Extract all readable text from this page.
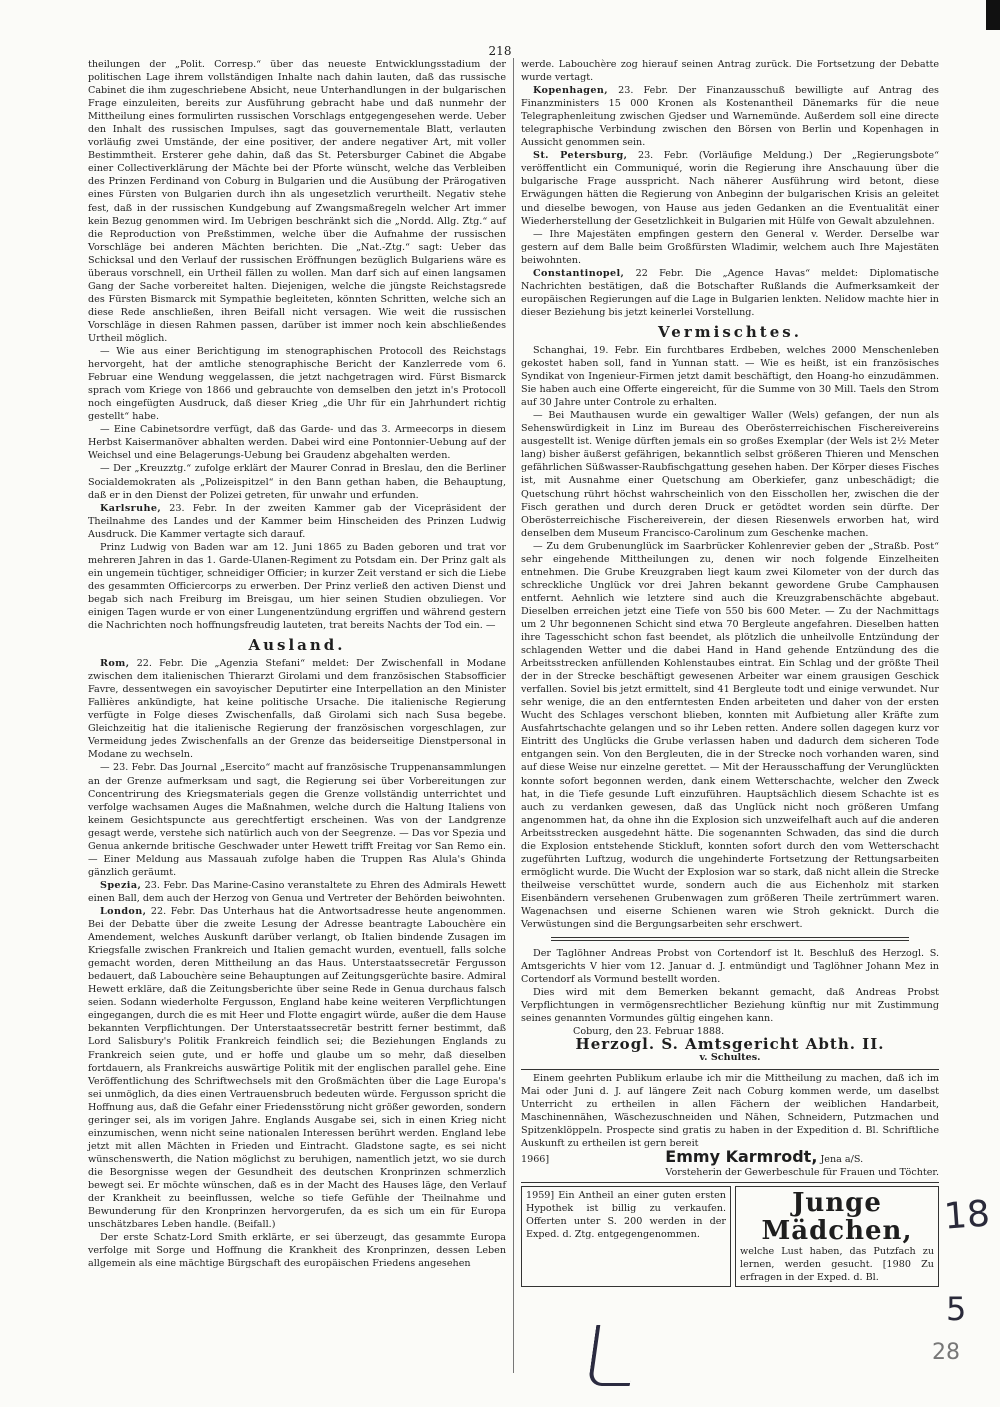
218

theilungen der „Polit. Corresp.“ über das neueste Entwicklungsstadium der politischen Lage ihrem vollständigen Inhalte nach dahin lauten, daß das russische Cabinet die ihm zugeschriebene Absicht, neue Unterhandlungen in der bulgarischen Frage einzuleiten, bereits zur Ausführung gebracht habe und daß nunmehr der Mittheilung eines formulirten russischen Vorschlags entgegengesehen werde. Ueber den Inhalt des russischen Impulses, sagt das gouvernementale Blatt, verlauten vorläufig zwei Umstände, der eine positiver, der andere negativer Art, mit voller Bestimmtheit. Ersterer gehe dahin, daß das St. Petersburger Cabinet die Abgabe einer Collectiverklärung der Mächte bei der Pforte wünscht, welche das Verbleiben des Prinzen Ferdinand von Coburg in Bulgarien und die Ausübung der Prärogativen eines Fürsten von Bulgarien durch ihn als ungesetzlich verurtheilt. Negativ stehe fest, daß in der russischen Kundgebung auf Zwangsmaßregeln welcher Art immer kein Bezug genommen wird. Im Uebrigen beschränkt sich die „Nordd. Allg. Ztg.“ auf die Reproduction von Preßstimmen, welche über die Aufnahme der russischen Vorschläge bei anderen Mächten berichten. Die „Nat.-Ztg.“ sagt: Ueber das Schicksal und den Verlauf der russischen Eröffnungen bezüglich Bulgariens wäre es überaus vorschnell, ein Urtheil fällen zu wollen. Man darf sich auf einen langsamen Gang der Sache vorbereitet halten. Diejenigen, welche die jüngste Reichstagsrede des Fürsten Bismarck mit Sympathie begleiteten, könnten Schritten, welche sich an diese Rede anschließen, ihren Beifall nicht versagen. Wie weit die russischen Vorschläge in diesen Rahmen passen, darüber ist immer noch kein abschließendes Urtheil möglich.

— Wie aus einer Berichtigung im stenographischen Protocoll des Reichstags hervorgeht, hat der amtliche stenographische Bericht der Kanzlerrede vom 6. Februar eine Wendung weggelassen, die jetzt nachgetragen wird. Fürst Bismarck sprach vom Kriege von 1866 und gebrauchte von demselben den jetzt in's Protocoll noch eingefügten Ausdruck, daß dieser Krieg „die Uhr für ein Jahrhundert richtig gestellt“ habe.

— Eine Cabinetsordre verfügt, daß das Garde- und das 3. Armeecorps in diesem Herbst Kaisermanöver abhalten werden. Dabei wird eine Pontonnier-Uebung auf der Weichsel und eine Belagerungs-Uebung bei Graudenz abgehalten werden.

— Der „Kreuzztg.“ zufolge erklärt der Maurer Conrad in Breslau, den die Berliner Socialdemokraten als „Polizeispitzel“ in den Bann gethan haben, die Behauptung, daß er in den Dienst der Polizei getreten, für unwahr und erfunden.

Karlsruhe, 23. Febr. In der zweiten Kammer gab der Vicepräsident der Theilnahme des Landes und der Kammer beim Hinscheiden des Prinzen Ludwig Ausdruck. Die Kammer vertagte sich darauf.

Prinz Ludwig von Baden war am 12. Juni 1865 zu Baden geboren und trat vor mehreren Jahren in das 1. Garde-Ulanen-Regiment zu Potsdam ein. Der Prinz galt als ein ungemein tüchtiger, schneidiger Officier; in kurzer Zeit verstand er sich die Liebe des gesammten Officiercorps zu erwerben. Der Prinz verließ den activen Dienst und begab sich nach Freiburg im Breisgau, um hier seinen Studien obzuliegen. Vor einigen Tagen wurde er von einer Lungenentzündung ergriffen und während gestern die Nachrichten noch hoffnungsfreudig lauteten, trat bereits Nachts der Tod ein. —

Ausland.

Rom, 22. Febr. Die „Agenzia Stefani“ meldet: Der Zwischenfall in Modane zwischen dem italienischen Thierarzt Girolami und dem französischen Stabsofficier Favre, dessentwegen ein savoyischer Deputirter eine Interpellation an den Minister Fallières ankündigte, hat keine politische Ursache. Die italienische Regierung verfügte in Folge dieses Zwischenfalls, daß Girolami sich nach Susa begebe. Gleichzeitig hat die italienische Regierung der französischen vorgeschlagen, zur Vermeidung jedes Zwischenfalls an der Grenze das beiderseitige Dienstpersonal in Modane zu wechseln.

— 23. Febr. Das Journal „Esercito“ macht auf französische Truppenansammlungen an der Grenze aufmerksam und sagt, die Regierung sei über Vorbereitungen zur Concentrirung des Kriegsmaterials gegen die Grenze vollständig unterrichtet und verfolge wachsamen Auges die Maßnahmen, welche durch die Haltung Italiens von keinem Gesichtspuncte aus gerechtfertigt erscheinen. Was von der Landgrenze gesagt werde, verstehe sich natürlich auch von der Seegrenze. — Das vor Spezia und Genua ankernde britische Geschwader unter Hewett trifft Freitag vor San Remo ein. — Einer Meldung aus Massauah zufolge haben die Truppen Ras Alula's Ghinda gänzlich geräumt.

Spezia, 23. Febr. Das Marine-Casino veranstaltete zu Ehren des Admirals Hewett einen Ball, dem auch der Herzog von Genua und Vertreter der Behörden beiwohnten.

London, 22. Febr. Das Unterhaus hat die Antwortsadresse heute angenommen. Bei der Debatte über die zweite Lesung der Adresse beantragte Labouchère ein Amendement, welches Auskunft darüber verlangt, ob Italien bindende Zusagen im Kriegsfalle zwischen Frankreich und Italien gemacht wurden, eventuell, falls solche gemacht worden, deren Mittheilung an das Haus. Unterstaatssecretär Fergusson bedauert, daß Labouchère seine Behauptungen auf Zeitungsgerüchte basire. Admiral Hewett erkläre, daß die Zeitungsberichte über seine Rede in Genua durchaus falsch seien. Sodann wiederholte Fergusson, England habe keine weiteren Verpflichtungen eingegangen, durch die es mit Heer und Flotte engagirt würde, außer die dem Hause bekannten Verpflichtungen. Der Unterstaatssecretär bestritt ferner bestimmt, daß Lord Salisbury's Politik Frankreich feindlich sei; die Beziehungen Englands zu Frankreich seien gute, und er hoffe und glaube um so mehr, daß dieselben fortdauern, als Frankreichs auswärtige Politik mit der englischen parallel gehe. Eine Veröffentlichung des Schriftwechsels mit den Großmächten über die Lage Europa's sei unmöglich, da dies einen Vertrauensbruch bedeuten würde. Fergusson spricht die Hoffnung aus, daß die Gefahr einer Friedensstörung nicht größer geworden, sondern geringer sei, als im vorigen Jahre. Englands Ausgabe sei, sich in einen Krieg nicht einzumischen, wenn nicht seine nationalen Interessen berührt werden. England lebe jetzt mit allen Mächten in Frieden und Eintracht. Gladstone sagte, es sei nicht wünschenswerth, die Nation möglichst zu beruhigen, namentlich jetzt, wo sie durch die Besorgnisse wegen der Gesundheit des deutschen Kronprinzen schmerzlich bewegt sei. Er möchte wünschen, daß es in der Macht des Hauses läge, den Verlauf der Krankheit zu beeinflussen, welche so tiefe Gefühle der Theilnahme und Bewunderung für den Kronprinzen hervorgerufen, da es sich um ein für Europa unschätzbares Leben handle. (Beifall.)

Der erste Schatz-Lord Smith erklärte, er sei überzeugt, das gesammte Europa verfolge mit Sorge und Hoffnung die Krankheit des Kronprinzen, dessen Leben allgemein als eine mächtige Bürgschaft des europäischen Friedens angesehen

werde. Labouchère zog hierauf seinen Antrag zurück. Die Fortsetzung der Debatte wurde vertagt.

Kopenhagen, 23. Febr. Der Finanzausschuß bewilligte auf Antrag des Finanzministers 15 000 Kronen als Kostenantheil Dänemarks für die neue Telegraphenleitung zwischen Gjedser und Warnemünde. Außerdem soll eine directe telegraphische Verbindung zwischen den Börsen von Berlin und Kopenhagen in Aussicht genommen sein.

St. Petersburg, 23. Febr. (Vorläufige Meldung.) Der „Regierungsbote“ veröffentlicht ein Communiqué, worin die Regierung ihre Anschauung über die bulgarische Frage ausspricht. Nach näherer Ausführung wird betont, diese Erwägungen hätten die Regierung von Anbeginn der bulgarischen Krisis an geleitet und dieselbe bewogen, von Hause aus jeden Gedanken an die Eventualität einer Wiederherstellung der Gesetzlichkeit in Bulgarien mit Hülfe von Gewalt abzulehnen.

— Ihre Majestäten empfingen gestern den General v. Werder. Derselbe war gestern auf dem Balle beim Großfürsten Wladimir, welchem auch Ihre Majestäten beiwohnten.

Constantinopel, 22 Febr. Die „Agence Havas“ meldet: Diplomatische Nachrichten bestätigen, daß die Botschafter Rußlands die Aufmerksamkeit der europäischen Regierungen auf die Lage in Bulgarien lenkten. Nelidow machte hier in dieser Beziehung bis jetzt keinerlei Vorstellung.

Vermischtes.

Schanghai, 19. Febr. Ein furchtbares Erdbeben, welches 2000 Menschenleben gekostet haben soll, fand in Yunnan statt. — Wie es heißt, ist ein französisches Syndikat von Ingenieur-Firmen jetzt damit beschäftigt, den Hoang-ho einzudämmen. Sie haben auch eine Offerte eingereicht, für die Summe von 30 Mill. Taels den Strom auf 30 Jahre unter Controle zu erhalten.

— Bei Mauthausen wurde ein gewaltiger Waller (Wels) gefangen, der nun als Sehenswürdigkeit in Linz im Bureau des Oberösterreichischen Fischereivereins ausgestellt ist. Wenige dürften jemals ein so großes Exemplar (der Wels ist 2½ Meter lang) bisher äußerst gefährigen, bekanntlich selbst größeren Thieren und Menschen gefährlichen Süßwasser-Raubfischgattung gesehen haben. Der Körper dieses Fisches ist, mit Ausnahme einer Quetschung am Oberkiefer, ganz unbeschädigt; die Quetschung rührt höchst wahrscheinlich von den Eisschollen her, zwischen die der Fisch gerathen und durch deren Druck er getödtet worden sein dürfte. Der Oberösterreichische Fischereiverein, der diesen Riesenwels erworben hat, wird denselben dem Museum Francisco-Carolinum zum Geschenke machen.

— Zu dem Grubenunglück im Saarbrücker Kohlenrevier geben der „Straßb. Post“ sehr eingehende Mittheilungen zu, denen wir noch folgende Einzelheiten entnehmen. Die Grube Kreuzgraben liegt kaum zwei Kilometer von der durch das schreckliche Unglück vor drei Jahren bekannt gewordene Grube Camphausen entfernt. Aehnlich wie letztere sind auch die Kreuzgrabenschächte abgebaut. Dieselben erreichen jetzt eine Tiefe von 550 bis 600 Meter. — Zu der Nachmittags um 2 Uhr begonnenen Schicht sind etwa 70 Bergleute angefahren. Dieselben hatten ihre Tagesschicht schon fast beendet, als plötzlich die unheilvolle Entzündung der schlagenden Wetter und die dabei Hand in Hand gehende Entzündung des die Arbeitsstrecken anfüllenden Kohlenstaubes eintrat. Ein Schlag und der größte Theil der in der Strecke beschäftigt gewesenen Arbeiter war einem grausigen Geschick verfallen. Soviel bis jetzt ermittelt, sind 41 Bergleute todt und einige verwundet. Nur sehr wenige, die an den entferntesten Enden arbeiteten und daher von der ersten Wucht des Schlages verschont blieben, konnten mit Aufbietung aller Kräfte zum Ausfahrtschachte gelangen und so ihr Leben retten. Andere sollen dagegen kurz vor Eintritt des Unglücks die Grube verlassen haben und dadurch dem sicheren Tode entgangen sein. Von den Bergleuten, die in der Strecke noch vorhanden waren, sind auf diese Weise nur einzelne gerettet. — Mit der Herausschaffung der Verunglückten konnte sofort begonnen werden, dank einem Wetterschachte, welcher den Zweck hat, in die Tiefe gesunde Luft einzuführen. Hauptsächlich diesem Schachte ist es auch zu verdanken gewesen, daß das Unglück nicht noch größeren Umfang angenommen hat, da ohne ihn die Explosion sich unzweifelhaft auch auf die anderen Arbeitsstrecken ausgedehnt hätte. Die sogenannten Schwaden, das sind die durch die Explosion entstehende Stickluft, konnten sofort durch den vom Wetterschacht zugeführten Luftzug, wodurch die ungehinderte Fortsetzung der Rettungsarbeiten ermöglicht wurde. Die Wucht der Explosion war so stark, daß nicht allein die Strecke theilweise verschüttet wurde, sondern auch die aus Eichenholz mit starken Eisenbändern versehenen Grubenwagen zum größeren Theile zertrümmert waren. Wagenachsen und eiserne Schienen waren wie Stroh geknickt. Durch die Verwüstungen sind die Bergungsarbeiten sehr erschwert.

Der Taglöhner Andreas Probst von Cortendorf ist lt. Beschluß des Herzogl. S. Amtsgerichts V hier vom 12. Januar d. J. entmündigt und Taglöhner Johann Mez in Cortendorf als Vormund bestellt worden.

Dies wird mit dem Bemerken bekannt gemacht, daß Andreas Probst Verpflichtungen in vermögensrechtlicher Beziehung künftig nur mit Zustimmung seines genannten Vormundes gültig eingehen kann.

Coburg, den 23. Februar 1888.

Herzogl. S. Amtsgericht Abth. II.

v. Schultes.

Einem geehrten Publikum erlaube ich mir die Mittheilung zu machen, daß ich im Mai oder Juni d. J. auf längere Zeit nach Coburg kommen werde, um daselbst Unterricht zu ertheilen in allen Fächern der weiblichen Handarbeit, Maschinennähen, Wäschezuschneiden und Nähen, Schneidern, Putzmachen und Spitzenklöppeln. Prospecte sind gratis zu haben in der Expedition d. Bl. Schriftliche Auskunft zu ertheilen ist gern bereit

1966]	Emmy Karmrodt, Jena a/S.

Vorsteherin der Gewerbeschule für Frauen und Töchter.

1959] Ein Antheil an einer guten ersten Hypothek ist billig zu verkaufen. Offerten unter S. 200 werden in der Exped. d. Ztg. entgegengenommen.
Junge Mädchen,
welche Lust haben, das Putzfach zu lernen, werden gesucht. [1980 Zu erfragen in der Exped. d. Bl.
18
5
28
